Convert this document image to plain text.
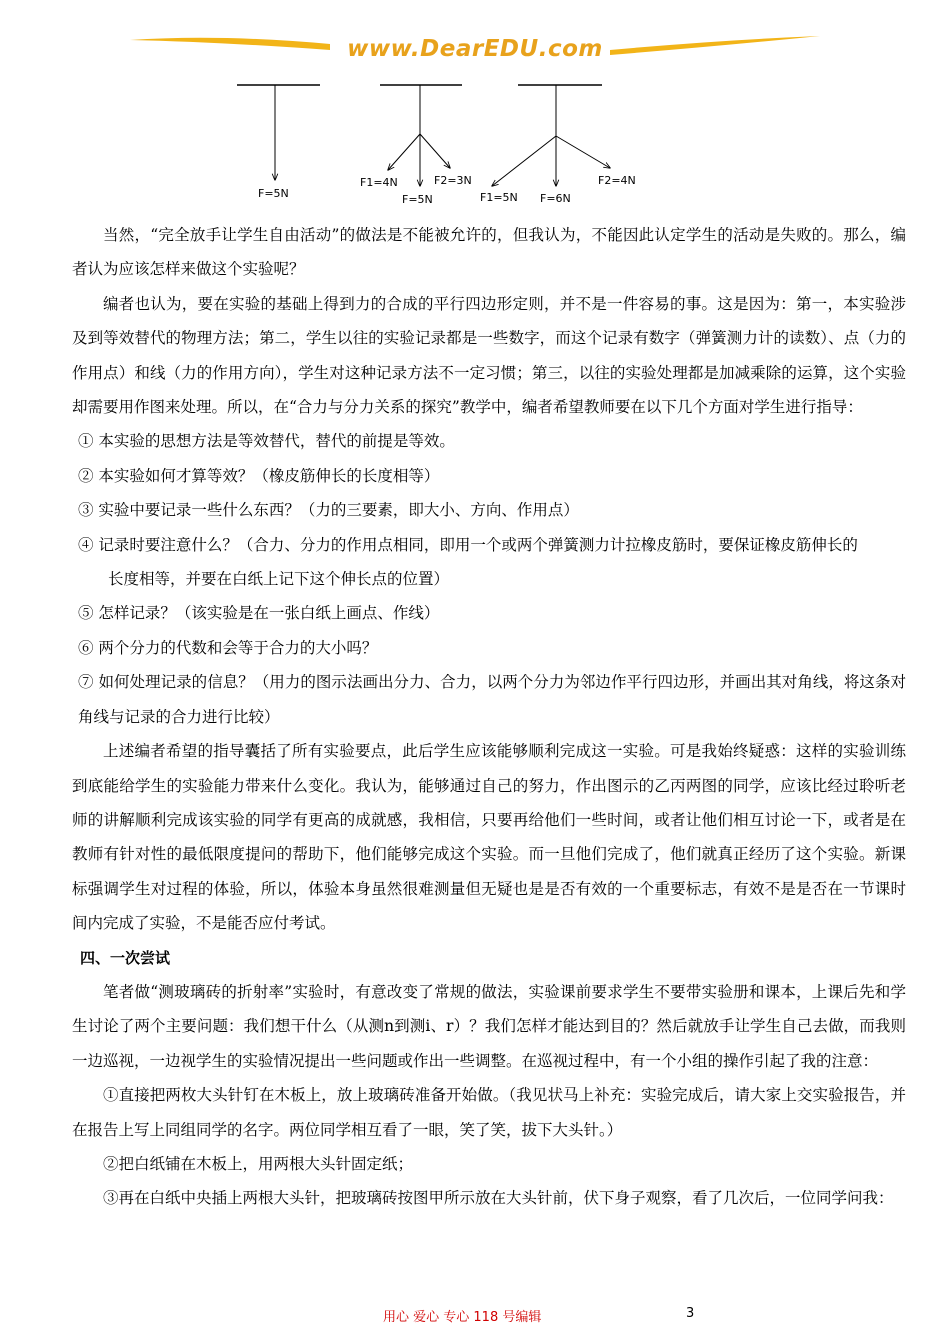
www.DearEDU.com
F=5N
F1=4N	F2=3N
F=5N	F1=5N F=6N
F2=4N

当然，“完全放手让学生自由活动”的做法是不能被允许的，但我认为，不能因此认定学生的活动是失败的。那么，编者认为应该怎样来做这个实验呢？

编者也认为，要在实验的基础上得到力的合成的平行四边形定则，并不是一件容易的事。这是因为：第一，本实验涉及到等效替代的物理方法；第二，学生以往的实验记录都是一些数字，而这个记录有数字（弹簧测力计的读数）、点（力的作用点）和线（力的作用方向），学生对这种记录方法不一定习惯；第三，以往的实验处理都是加减乘除的运算，这个实验却需要用作图来处理。所以，在“合力与分力关系的探究”教学中，编者希望教师要在以下几个方面对学生进行指导：

① 本实验的思想方法是等效替代，替代的前提是等效。

② 本实验如何才算等效？（橡皮筋伸长的长度相等）

③ 实验中要记录一些什么东西？（力的三要素，即大小、方向、作用点）

④ 记录时要注意什么？（合力、分力的作用点相同，即用一个或两个弹簧测力计拉橡皮筋时，要保证橡皮筋伸长的

长度相等，并要在白纸上记下这个伸长点的位置）

⑤ 怎样记录？（该实验是在一张白纸上画点、作线）

⑥ 两个分力的代数和会等于合力的大小吗？

⑦ 如何处理记录的信息？（用力的图示法画出分力、合力，以两个分力为邻边作平行四边形，并画出其对角线，将这条对角线与记录的合力进行比较）

上述编者希望的指导囊括了所有实验要点，此后学生应该能够顺利完成这一实验。可是我始终疑惑：这样的实验训练到底能给学生的实验能力带来什么变化。我认为，能够通过自己的努力，作出图示的乙丙两图的同学，应该比经过聆听老师的讲解顺利完成该实验的同学有更高的成就感，我相信，只要再给他们一些时间，或者让他们相互讨论一下，或者是在教师有针对性的最低限度提问的帮助下，他们能够完成这个实验。而一旦他们完成了，他们就真正经历了这个实验。新课标强调学生对过程的体验，所以，体验本身虽然很难测量但无疑也是是否有效的一个重要标志，有效不是是否在一节课时间内完成了实验，不是能否应付考试。

四、一次尝试

笔者做“测玻璃砖的折射率”实验时，有意改变了常规的做法，实验课前要求学生不要带实验册和课本，上课后先和学生讨论了两个主要问题：我们想干什么（从测n到测i、r）？我们怎样才能达到目的？然后就放手让学生自己去做，而我则一边巡视，一边视学生的实验情况提出一些问题或作出一些调整。在巡视过程中，有一个小组的操作引起了我的注意：

①直接把两枚大头针钉在木板上，放上玻璃砖准备开始做。（我见状马上补充：实验完成后，请大家上交实验报告，并在报告上写上同组同学的名字。两位同学相互看了一眼，笑了笑，拔下大头针。）

②把白纸铺在木板上，用两根大头针固定纸；

③再在白纸中央插上两根大头针，把玻璃砖按图甲所示放在大头针前，伏下身子观察，看了几次后，一位同学问我：

用心 爱心 专心 118 号编辑	3
